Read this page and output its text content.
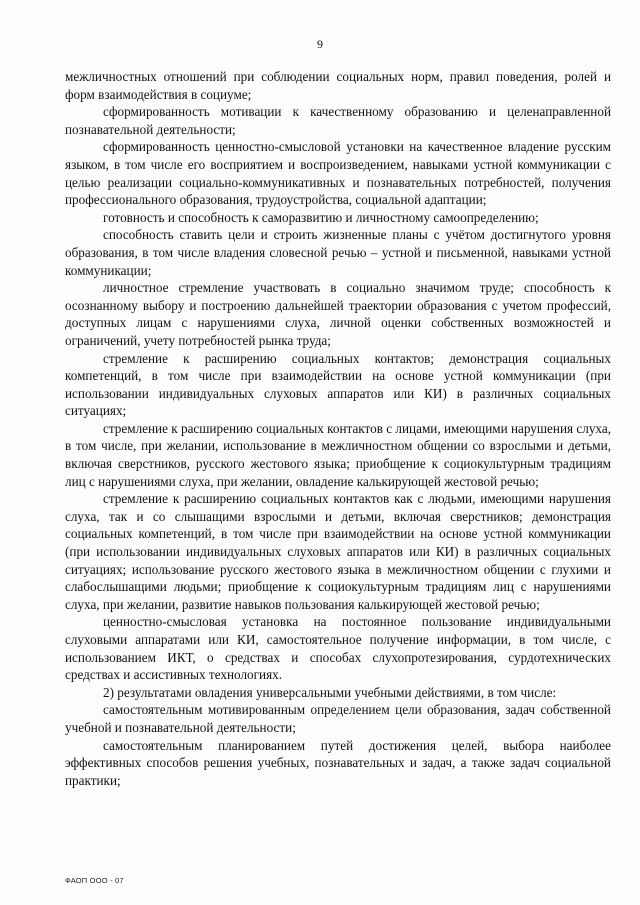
9

межличностных отношений при соблюдении социальных норм, правил поведения, ролей и форм взаимодействия в социуме;

сформированность мотивации к качественному образованию и целенаправленной познавательной деятельности;

сформированность ценностно-смысловой установки на качественное владение русским языком, в том числе его восприятием и воспроизведением, навыками устной коммуникации с целью реализации социально-коммуникативных и познавательных потребностей, получения профессионального образования, трудоустройства, социальной адаптации;

готовность и способность к саморазвитию и личностному самоопределению;

способность ставить цели и строить жизненные планы с учётом достигнутого уровня образования, в том числе владения словесной речью – устной и письменной, навыками устной коммуникации;

личностное стремление участвовать в социально значимом труде; способность к осознанному выбору и построению дальнейшей траектории образования с учетом профессий, доступных лицам с нарушениями слуха, личной оценки собственных возможностей и ограничений, учету потребностей рынка труда;

стремление к расширению социальных контактов; демонстрация социальных компетенций, в том числе при взаимодействии на основе устной коммуникации (при использовании индивидуальных слуховых аппаратов или КИ) в различных социальных ситуациях;

стремление к расширению социальных контактов с лицами, имеющими нарушения слуха, в том числе, при желании, использование в межличностном общении со взрослыми и детьми, включая сверстников, русского жестового языка; приобщение к социокультурным традициям лиц с нарушениями слуха, при желании, овладение калькирующей жестовой речью;

стремление к расширению социальных контактов как с людьми, имеющими нарушения слуха, так и со слышащими взрослыми и детьми, включая сверстников; демонстрация социальных компетенций, в том числе при взаимодействии на основе устной коммуникации (при использовании индивидуальных слуховых аппаратов или КИ) в различных социальных ситуациях; использование русского жестового языка в межличностном общении с глухими и слабослышащими людьми; приобщение к социокультурным традициям лиц с нарушениями слуха, при желании, развитие навыков пользования калькирующей жестовой речью;

ценностно-смысловая установка на постоянное пользование индивидуальными слуховыми аппаратами или КИ, самостоятельное получение информации, в том числе, с использованием ИКТ, о средствах и способах слухопротезирования, сурдотехнических средствах и ассистивных технологиях.

2) результатами овладения универсальными учебными действиями, в том числе:

самостоятельным мотивированным определением цели образования, задач собственной учебной и познавательной деятельности;

самостоятельным планированием путей достижения целей, выбора наиболее эффективных способов решения учебных, познавательных и задач, а также задач социальной практики;

ФАОП ООО - 07
